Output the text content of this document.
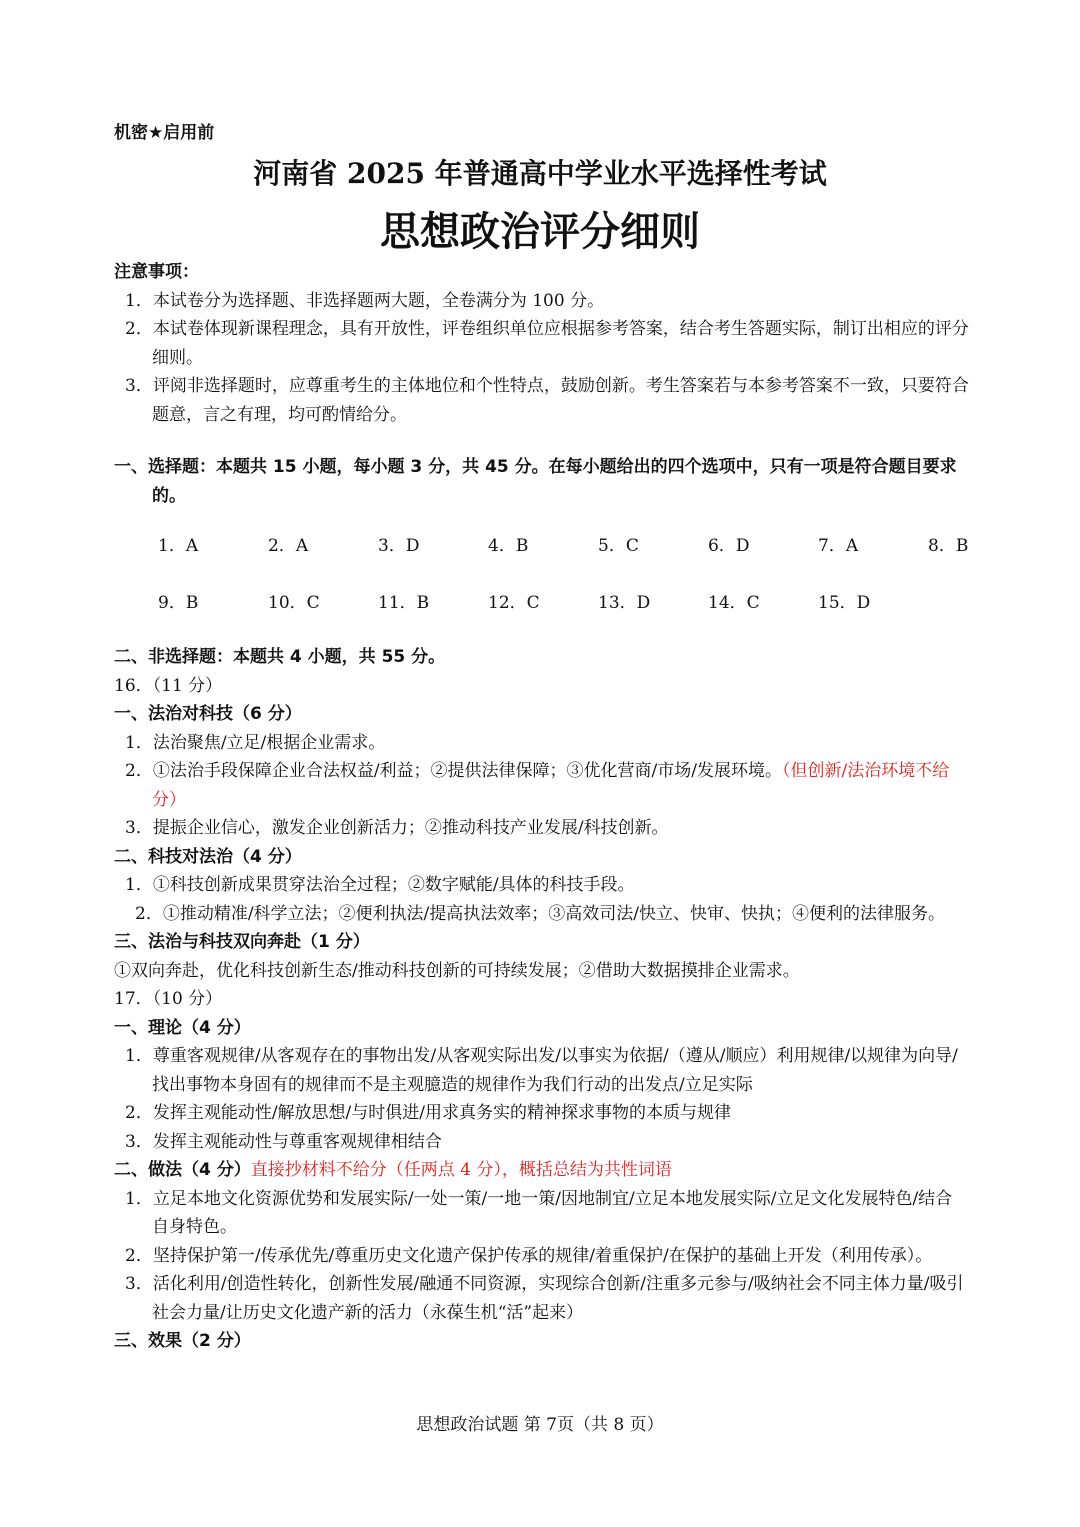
机密★启用前
河南省 2025 年普通高中学业水平选择性考试
思想政治评分细则
注意事项：
1．本试卷分为选择题、非选择题两大题，全卷满分为 100 分。
2．本试卷体现新课程理念，具有开放性，评卷组织单位应根据参考答案，结合考生答题实际，制订出相应的评分细则。
3．评阅非选择题时，应尊重考生的主体地位和个性特点，鼓励创新。考生答案若与本参考答案不一致，只要符合题意，言之有理，均可酌情给分。
一、选择题：本题共 15 小题，每小题 3 分，共 45 分。在每小题给出的四个选项中，只有一项是符合题目要求的。
1．A	2．A	3．D	4．B	5．C	6．D	7．A	8．B
9．B	10．C	11．B	12．C	13．D	14．C	15．D
二、非选择题：本题共 4 小题，共 55 分。
16．（11 分）
一、法治对科技（6 分）
1．法治聚焦/立足/根据企业需求。
2．①法治手段保障企业合法权益/利益；②提供法律保障；③优化营商/市场/发展环境。（但创新/法治环境不给分）
3．提振企业信心，激发企业创新活力；②推动科技产业发展/科技创新。
二、科技对法治（4 分）
1．①科技创新成果贯穿法治全过程；②数字赋能/具体的科技手段。
2．①推动精准/科学立法；②便利执法/提高执法效率；③高效司法/快立、快审、快执；④便利的法律服务。
三、法治与科技双向奔赴（1 分）
①双向奔赴，优化科技创新生态/推动科技创新的可持续发展；②借助大数据摸排企业需求。
17．（10 分）
一、理论（4 分）
1．尊重客观规律/从客观存在的事物出发/从客观实际出发/以事实为依据/（遵从/顺应）利用规律/以规律为向导/找出事物本身固有的规律而不是主观臆造的规律作为我们行动的出发点/立足实际
2．发挥主观能动性/解放思想/与时俱进/用求真务实的精神探求事物的本质与规律
3．发挥主观能动性与尊重客观规律相结合
二、做法（4 分）直接抄材料不给分（任两点 4 分），概括总结为共性词语
1．立足本地文化资源优势和发展实际/一处一策/一地一策/因地制宜/立足本地发展实际/立足文化发展特色/结合自身特色。
2．坚持保护第一/传承优先/尊重历史文化遗产保护传承的规律/着重保护/在保护的基础上开发（利用传承）。
3．活化利用/创造性转化，创新性发展/融通不同资源，实现综合创新/注重多元参与/吸纳社会不同主体力量/吸引社会力量/让历史文化遗产新的活力（永葆生机“活”起来）
三、效果（2 分）
思想政治试题 第 7页（共 8 页）
